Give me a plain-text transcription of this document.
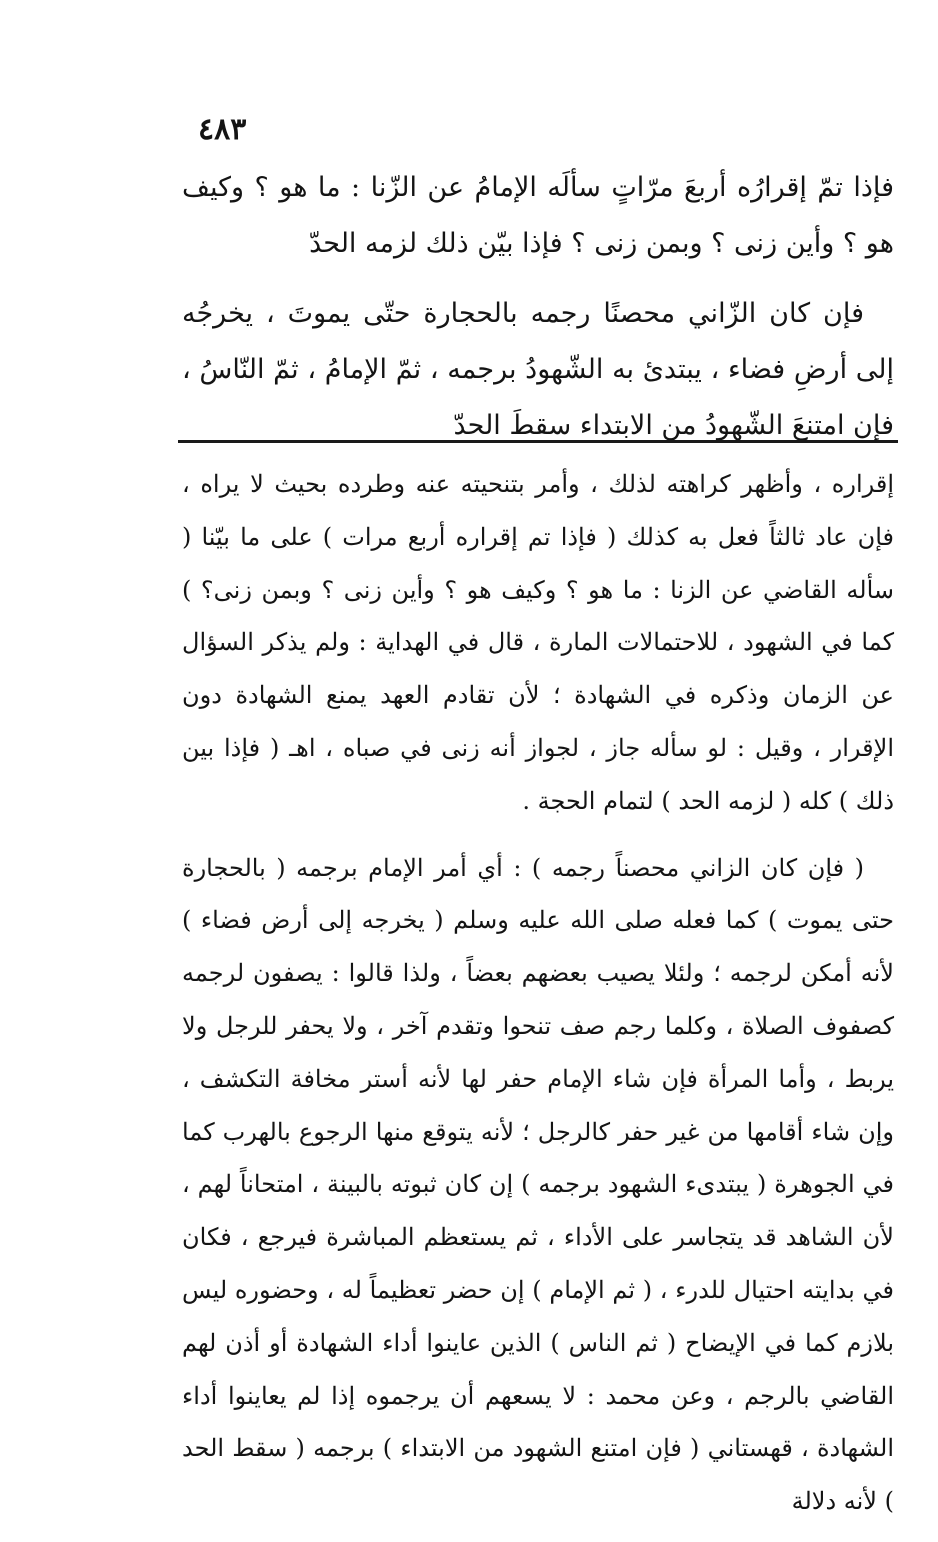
٤٨٣

فإذا تمّ إقرارُه أربعَ مرّاتٍ سألَه الإمامُ عن الزّنا : ما هو ؟ وكيف هو ؟ وأين زنى ؟ وبمن زنى ؟ فإذا بيّن ذلك لزمه الحدّ

فإن كان الزّاني محصنًا رجمه بالحجارة حتّى يموتَ ، يخرجُه إلى أرضِ فضاء ، يبتدئ به الشّهودُ برجمه ، ثمّ الإمامُ ، ثمّ النّاسُ ، فإن امتنعَ الشّهودُ من الابتداء سقطَ الحدّ

إقراره ، وأظهر كراهته لذلك ، وأمر بتنحيته عنه وطرده بحيث لا يراه ، فإن عاد ثالثاً فعل به كذلك ( فإذا تم إقراره أربع مرات ) على ما بيّنا ( سأله القاضي عن الزنا : ما هو ؟ وكيف هو ؟ وأين زنى ؟ وبمن زنى؟ ) كما في الشهود ، للاحتمالات المارة ، قال في الهداية : ولم يذكر السؤال عن الزمان وذكره في الشهادة ؛ لأن تقادم العهد يمنع الشهادة دون الإقرار ، وقيل : لو سأله جاز ، لجواز أنه زنى في صباه ، اهـ ( فإذا بين ذلك ) كله ( لزمه الحد ) لتمام الحجة .

( فإن كان الزاني محصناً رجمه ) : أي أمر الإمام برجمه ( بالحجارة حتى يموت ) كما فعله صلى الله عليه وسلم ( يخرجه إلى أرض فضاء ) لأنه أمكن لرجمه ؛ ولئلا يصيب بعضهم بعضاً ، ولذا قالوا : يصفون لرجمه كصفوف الصلاة ، وكلما رجم صف تنحوا وتقدم آخر ، ولا يحفر للرجل ولا يربط ، وأما المرأة فإن شاء الإمام حفر لها لأنه أستر مخافة التكشف ، وإن شاء أقامها من غير حفر كالرجل ؛ لأنه يتوقع منها الرجوع بالهرب كما في الجوهرة ( يبتدىء الشهود برجمه ) إن كان ثبوته بالبينة ، امتحاناً لهم ، لأن الشاهد قد يتجاسر على الأداء ، ثم يستعظم المباشرة فيرجع ، فكان في بدايته احتيال للدرء ، ( ثم الإمام ) إن حضر تعظيماً له ، وحضوره ليس بلازم كما في الإيضاح ( ثم الناس ) الذين عاينوا أداء الشهادة أو أذن لهم القاضي بالرجم ، وعن محمد : لا يسعهم أن يرجموه إذا لم يعاينوا أداء الشهادة ، قهستاني ( فإن امتنع الشهود من الابتداء ) برجمه ( سقط الحد ) لأنه دلالة
